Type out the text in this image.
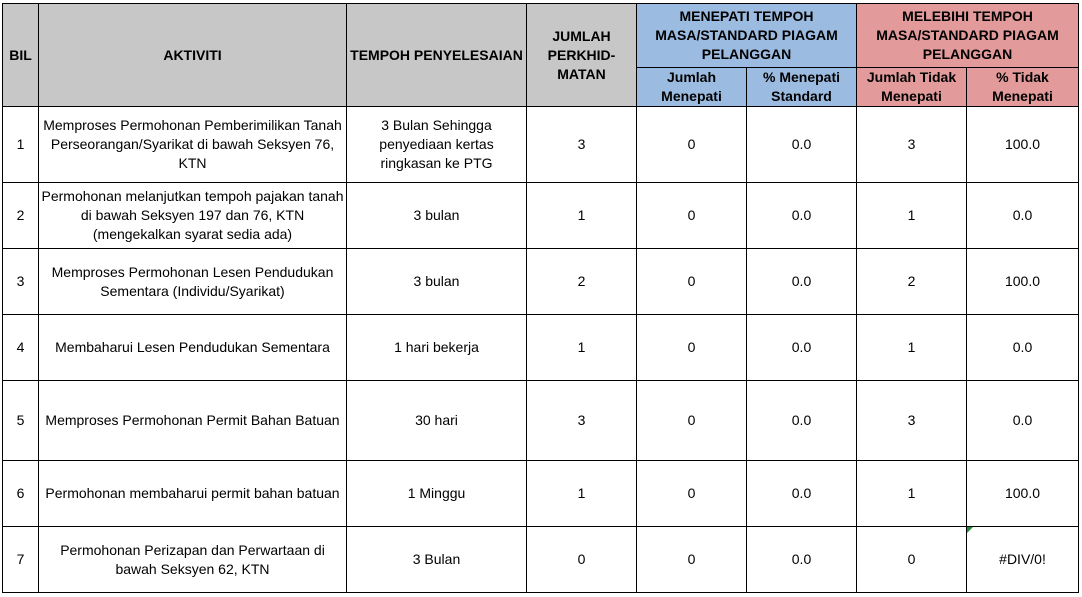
BIL	AKTIVITI	TEMPOH PENYELESAIAN	JUMLAH PERKHID-MATAN	MENEPATI TEMPOH MASA/STANDARD PIAGAM PELANGGAN		MELEBIHI TEMPOH MASA/STANDARD PIAGAM PELANGGAN	
				Jumlah Menepati	% Menepati Standard	Jumlah Tidak Menepati	% Tidak Menepati
1	Memproses Permohonan Pemberimilikan Tanah Perseorangan/Syarikat di bawah Seksyen 76, KTN	3 Bulan Sehingga penyediaan kertas ringkasan ke PTG	3	0	0.0	3	100.0
2	Permohonan melanjutkan tempoh pajakan tanah di bawah Seksyen 197 dan 76, KTN (mengekalkan syarat sedia ada)	3 bulan	1	0	0.0	1	0.0
3	Memproses Permohonan Lesen Pendudukan Sementara (Individu/Syarikat)	3 bulan	2	0	0.0	2	100.0
4	Membaharui Lesen Pendudukan Sementara	1 hari bekerja	1	0	0.0	1	0.0
5	Memproses Permohonan Permit Bahan Batuan	30 hari	3	0	0.0	3	0.0
6	Permohonan membaharui permit bahan batuan	1 Minggu	1	0	0.0	1	100.0
7	Permohonan Perizapan dan Perwartaan di bawah Seksyen 62, KTN	3 Bulan	0	0	0.0	0	#DIV/0!
